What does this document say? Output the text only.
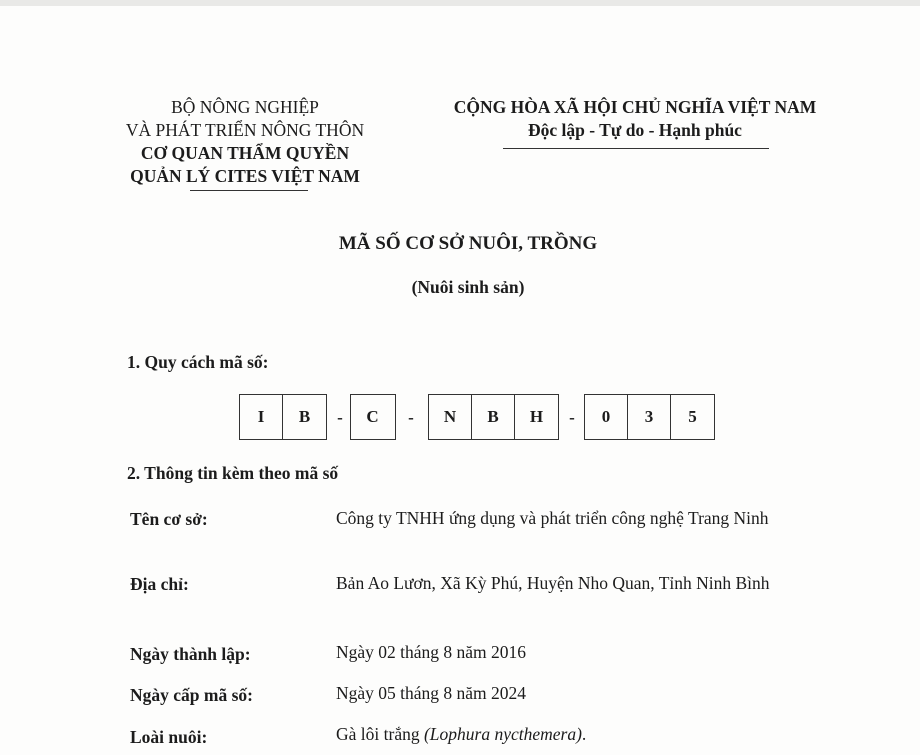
BỘ NÔNG NGHIỆP
VÀ PHÁT TRIỂN NÔNG THÔN
CƠ QUAN THẨM QUYỀN
QUẢN LÝ CITES VIỆT NAM
CỘNG HÒA XÃ HỘI CHỦ NGHĨA VIỆT NAM
Độc lập - Tự do - Hạnh phúc
MÃ SỐ CƠ SỞ NUÔI, TRỒNG
(Nuôi sinh sản)
1. Quy cách mã số:
I	B	-	C	-	N	B	H	-	0	3	5
2. Thông tin kèm theo mã số
Tên cơ sở:	Công ty TNHH ứng dụng và phát triển công nghệ Trang Ninh
Địa chỉ:	Bản Ao Lươn, Xã Kỳ Phú, Huyện Nho Quan, Tỉnh Ninh Bình
Ngày thành lập:	Ngày 02 tháng 8 năm 2016
Ngày cấp mã số:	Ngày 05 tháng 8 năm 2024
Loài nuôi:	Gà lôi trắng (Lophura nycthemera).
